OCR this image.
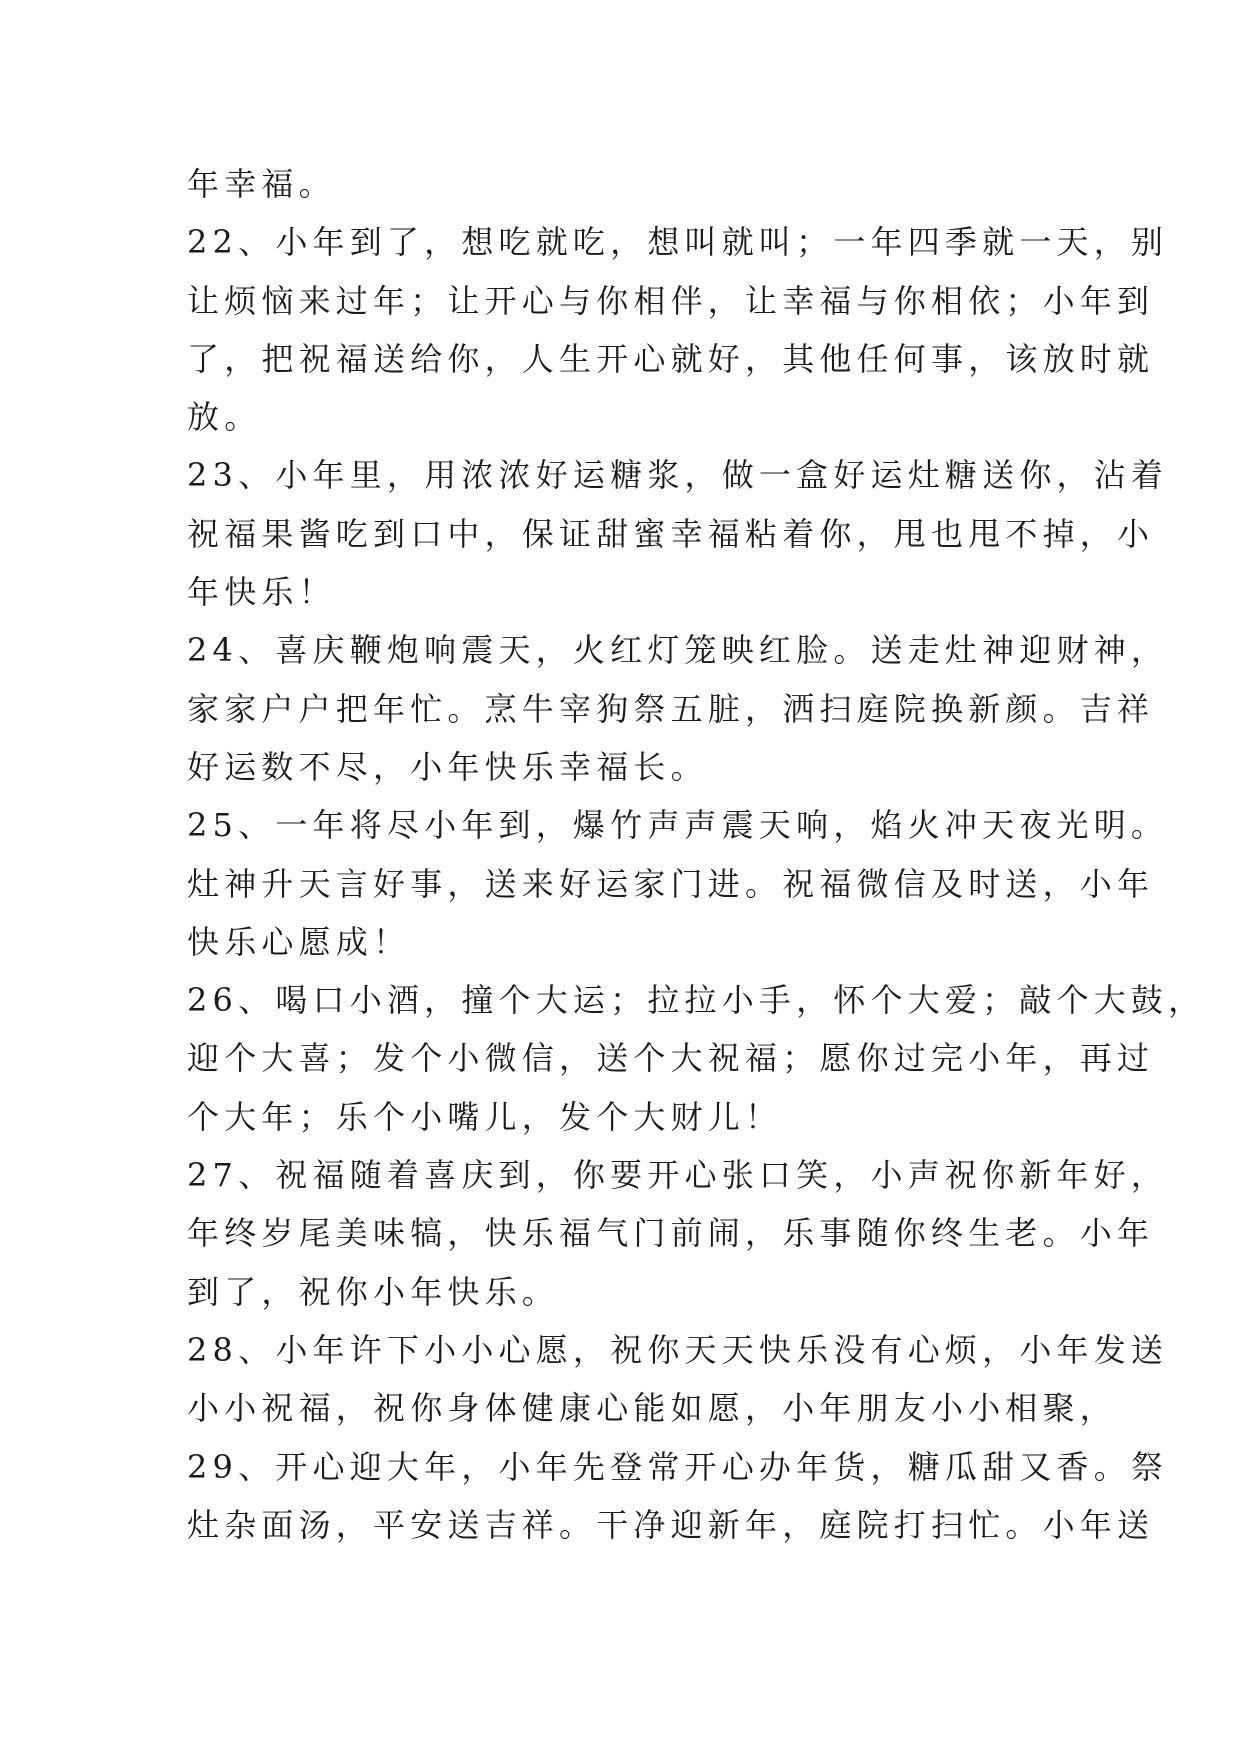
年幸福。
22、小年到了，想吃就吃，想叫就叫；一年四季就一天，别
让烦恼来过年；让开心与你相伴，让幸福与你相依；小年到
了，把祝福送给你，人生开心就好，其他任何事，该放时就
放。
23、小年里，用浓浓好运糖浆，做一盒好运灶糖送你，沾着
祝福果酱吃到口中，保证甜蜜幸福粘着你，甩也甩不掉，小
年快乐！
24、喜庆鞭炮响震天，火红灯笼映红脸。送走灶神迎财神，
家家户户把年忙。烹牛宰狗祭五脏，洒扫庭院换新颜。吉祥
好运数不尽，小年快乐幸福长。
25、一年将尽小年到，爆竹声声震天响，焰火冲天夜光明。
灶神升天言好事，送来好运家门进。祝福微信及时送，小年
快乐心愿成！
26、喝口小酒，撞个大运；拉拉小手，怀个大爱；敲个大鼓，
迎个大喜；发个小微信，送个大祝福；愿你过完小年，再过
个大年；乐个小嘴儿，发个大财儿！
27、祝福随着喜庆到，你要开心张口笑，小声祝你新年好，
年终岁尾美味犒，快乐福气门前闹，乐事随你终生老。小年
到了，祝你小年快乐。
28、小年许下小小心愿，祝你天天快乐没有心烦，小年发送
小小祝福，祝你身体健康心能如愿，小年朋友小小相聚，
29、开心迎大年，小年先登常开心办年货，糖瓜甜又香。祭
灶杂面汤，平安送吉祥。干净迎新年，庭院打扫忙。小年送
